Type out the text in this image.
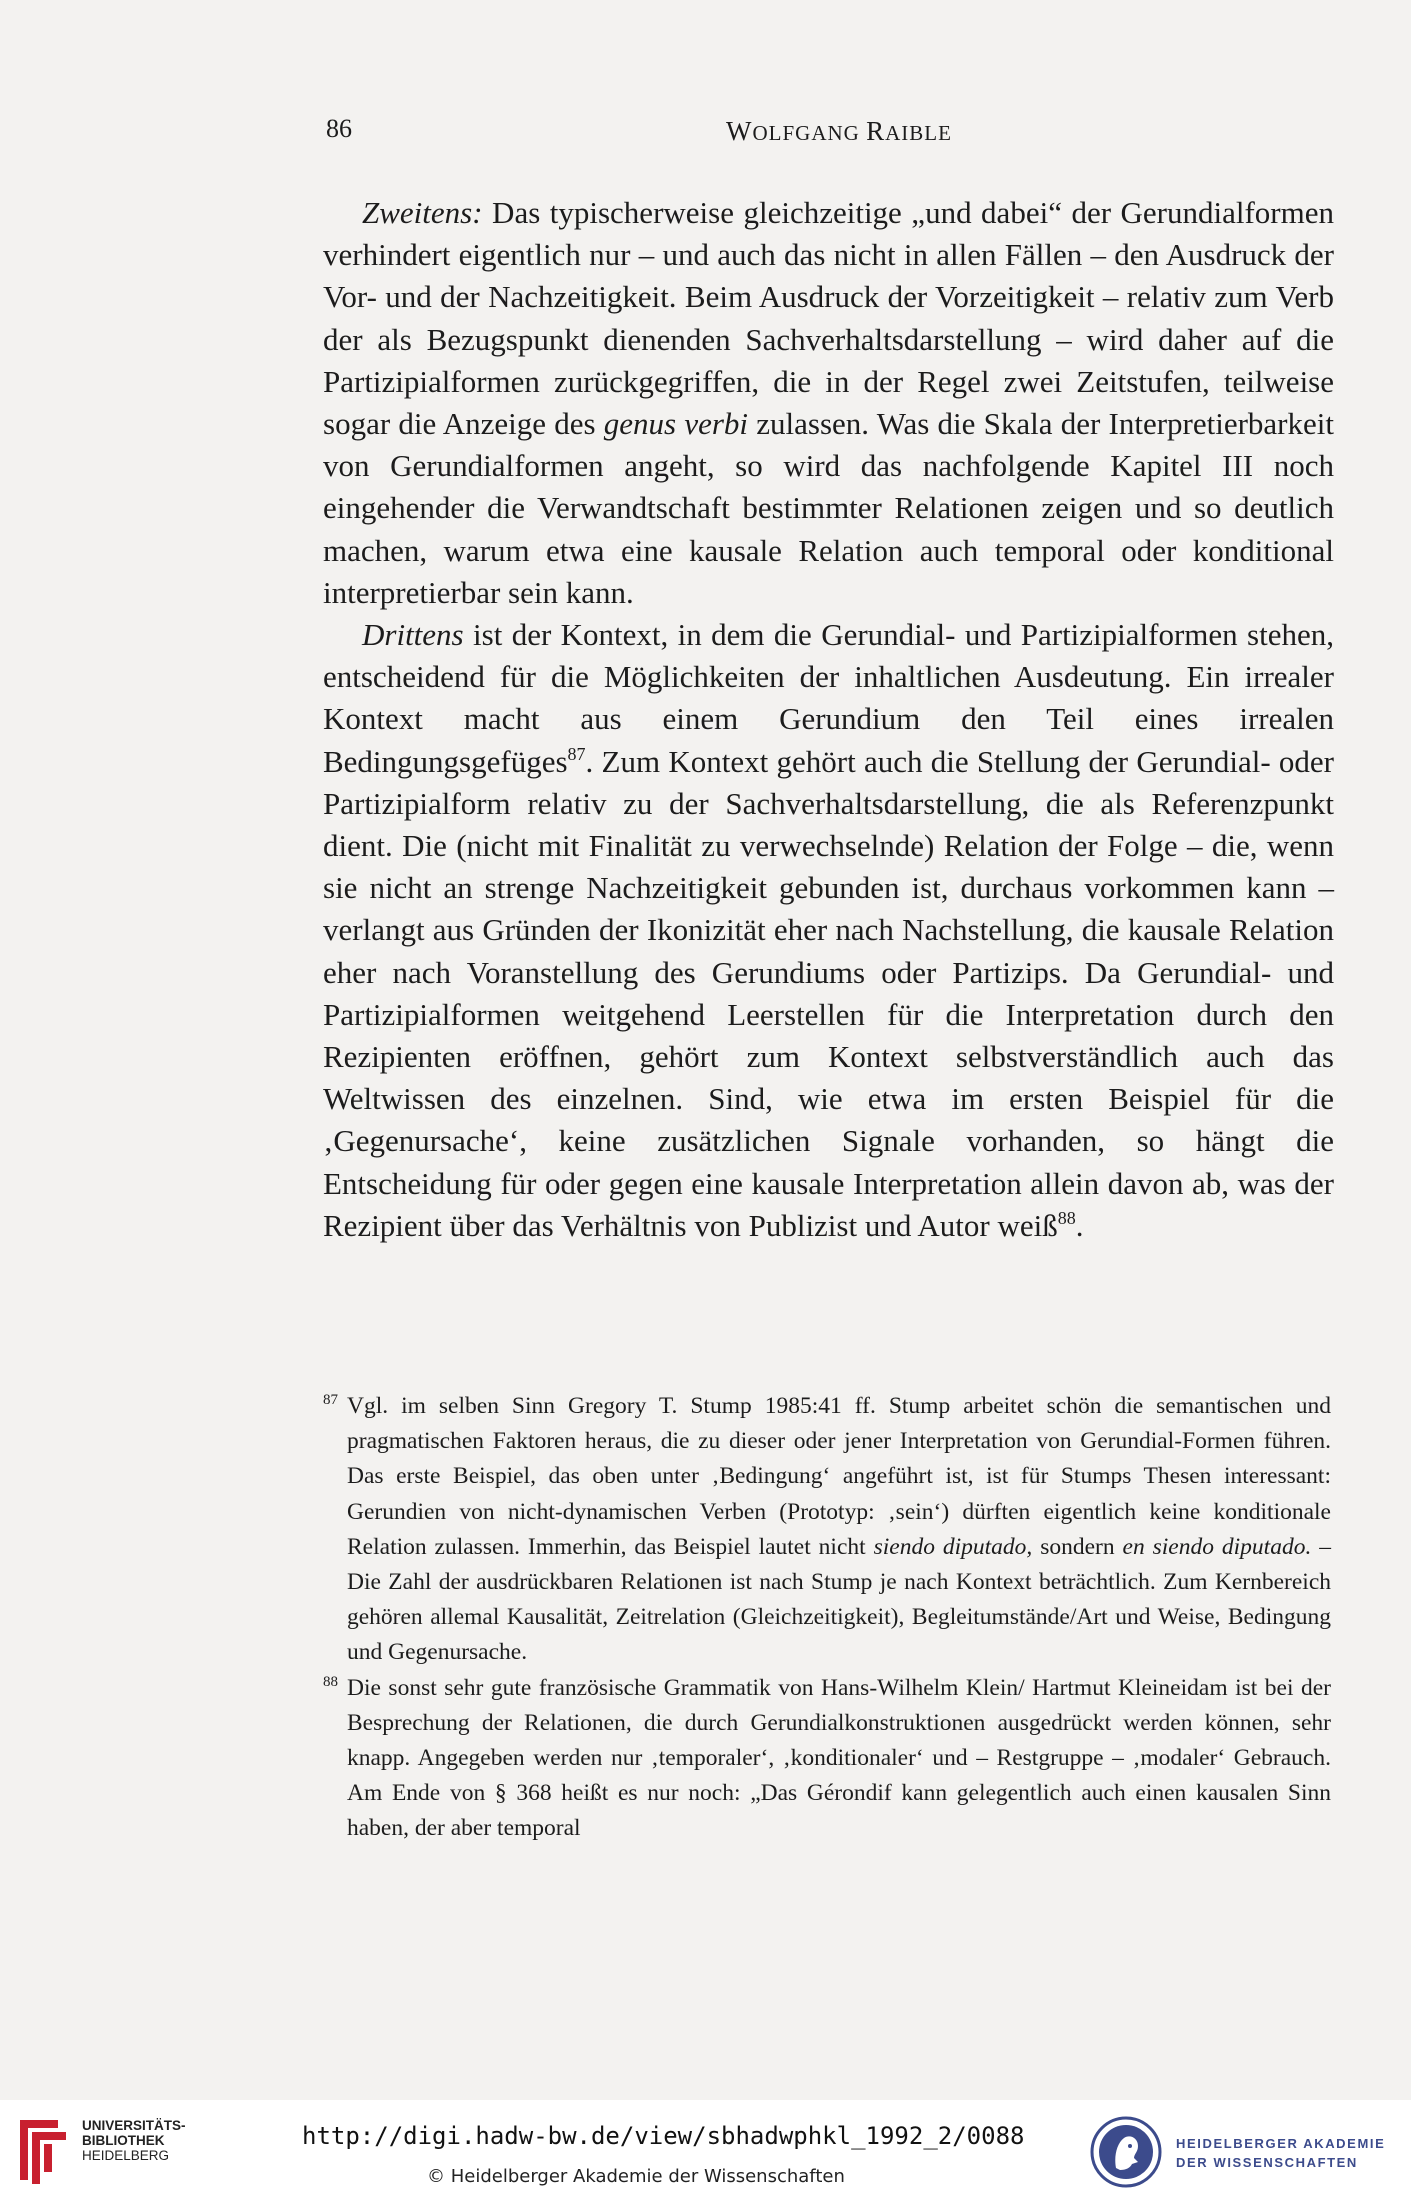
86	WOLFGANG RAIBLE

Zweitens: Das typischerweise gleichzeitige „und dabei“ der Gerundialformen verhindert eigentlich nur – und auch das nicht in allen Fällen – den Ausdruck der Vor- und der Nachzeitigkeit. Beim Ausdruck der Vorzeitigkeit – relativ zum Verb der als Bezugspunkt dienenden Sachverhaltsdarstellung – wird daher auf die Partizipialformen zurückgegriffen, die in der Regel zwei Zeitstufen, teilweise sogar die Anzeige des genus verbi zulassen. Was die Skala der Interpretierbarkeit von Gerundialformen angeht, so wird das nachfolgende Kapitel III noch eingehender die Verwandtschaft bestimmter Relationen zeigen und so deutlich machen, warum etwa eine kausale Relation auch temporal oder konditional interpretierbar sein kann.

Drittens ist der Kontext, in dem die Gerundial- und Partizipialformen stehen, entscheidend für die Möglichkeiten der inhaltlichen Ausdeutung. Ein irrealer Kontext macht aus einem Gerundium den Teil eines irrealen Bedingungsgefüges$^{87}$. Zum Kontext gehört auch die Stellung der Gerundial- oder Partizipialform relativ zu der Sachverhaltsdarstellung, die als Referenzpunkt dient. Die (nicht mit Finalität zu verwechselnde) Relation der Folge – die, wenn sie nicht an strenge Nachzeitigkeit gebunden ist, durchaus vorkommen kann – verlangt aus Gründen der Ikonizität eher nach Nachstellung, die kausale Relation eher nach Voranstellung des Gerundiums oder Partizips. Da Gerundial- und Partizipialformen weitgehend Leerstellen für die Interpretation durch den Rezipienten eröffnen, gehört zum Kontext selbstverständlich auch das Weltwissen des einzelnen. Sind, wie etwa im ersten Beispiel für die ‚Gegenursache‘, keine zusätzlichen Signale vorhanden, so hängt die Entscheidung für oder gegen eine kausale Interpretation allein davon ab, was der Rezipient über das Verhältnis von Publizist und Autor weiß$^{88}$.

87 Vgl. im selben Sinn Gregory T. Stump 1985:41 ff. Stump arbeitet schön die semantischen und pragmatischen Faktoren heraus, die zu dieser oder jener Interpretation von Gerundial-Formen führen. Das erste Beispiel, das oben unter ‚Bedingung‘ angeführt ist, ist für Stumps Thesen interessant: Gerundien von nicht-dynamischen Verben (Prototyp: ‚sein‘) dürften eigentlich keine konditionale Relation zulassen. Immerhin, das Beispiel lautet nicht siendo diputado, sondern en siendo diputado. – Die Zahl der ausdrückbaren Relationen ist nach Stump je nach Kontext beträchtlich. Zum Kernbereich gehören allemal Kausalität, Zeitrelation (Gleichzeitigkeit), Begleitumstände/Art und Weise, Bedingung und Gegenursache.

88 Die sonst sehr gute französische Grammatik von Hans-Wilhelm Klein/ Hartmut Kleineidam ist bei der Besprechung der Relationen, die durch Gerundialkonstruktionen ausgedrückt werden können, sehr knapp. Angegeben werden nur ‚temporaler‘, ‚konditionaler‘ und – Restgruppe – ‚modaler‘ Gebrauch. Am Ende von § 368 heißt es nur noch: „Das Gérondif kann gelegentlich auch einen kausalen Sinn haben, der aber temporal

UNIVERSITÄTS-
BIBLIOTHEK
HEIDELBERG
http://digi.hadw-bw.de/view/sbhadwphkl_1992_2/0088
© Heidelberger Akademie der Wissenschaften
HEIDELBERGER AKADEMIE
DER WISSENSCHAFTEN
